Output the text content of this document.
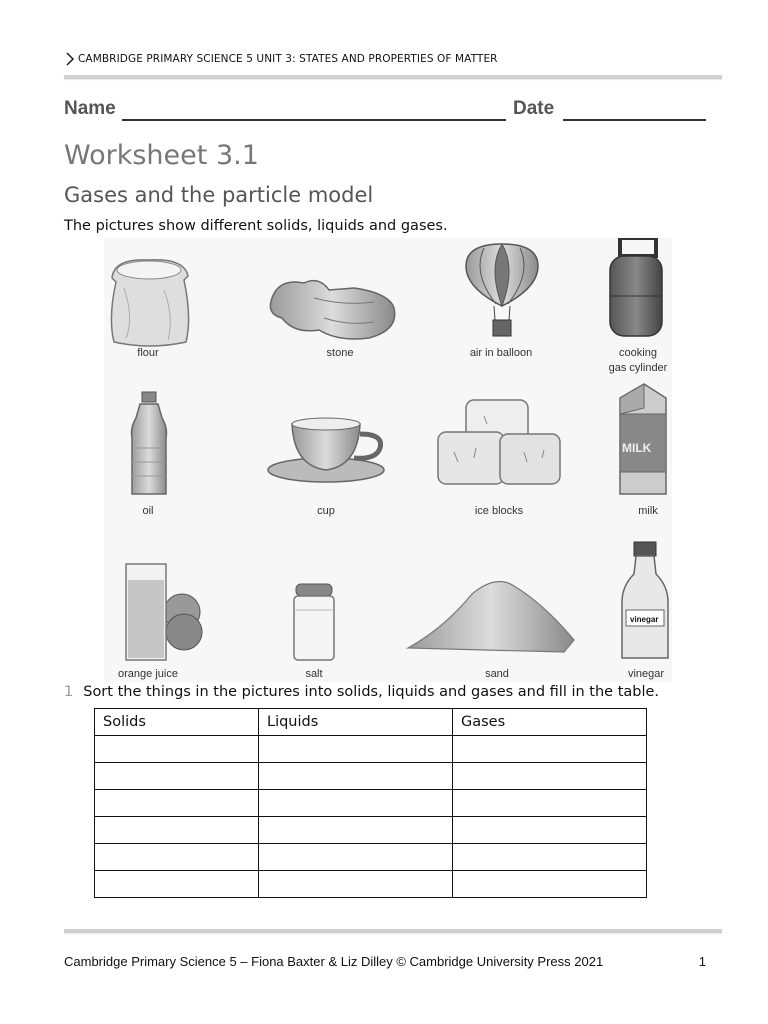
CAMBRIDGE PRIMARY SCIENCE 5 UNIT 3: STATES AND PROPERTIES OF MATTER
Name	Date
Worksheet 3.1
Gases and the particle model
The pictures show different solids, liquids and gases.
MILK
vinegar
flour	stone	air in balloon	cooking
gas cylinder
oil	cup	ice blocks	milk
orange juice	salt	sand	vinegar
1 Sort the things in the pictures into solids, liquids and gases and fill in the table.
Solids	Liquids	Gases

Cambridge Primary Science 5 – Fiona Baxter & Liz Dilley © Cambridge University Press 2021	1
